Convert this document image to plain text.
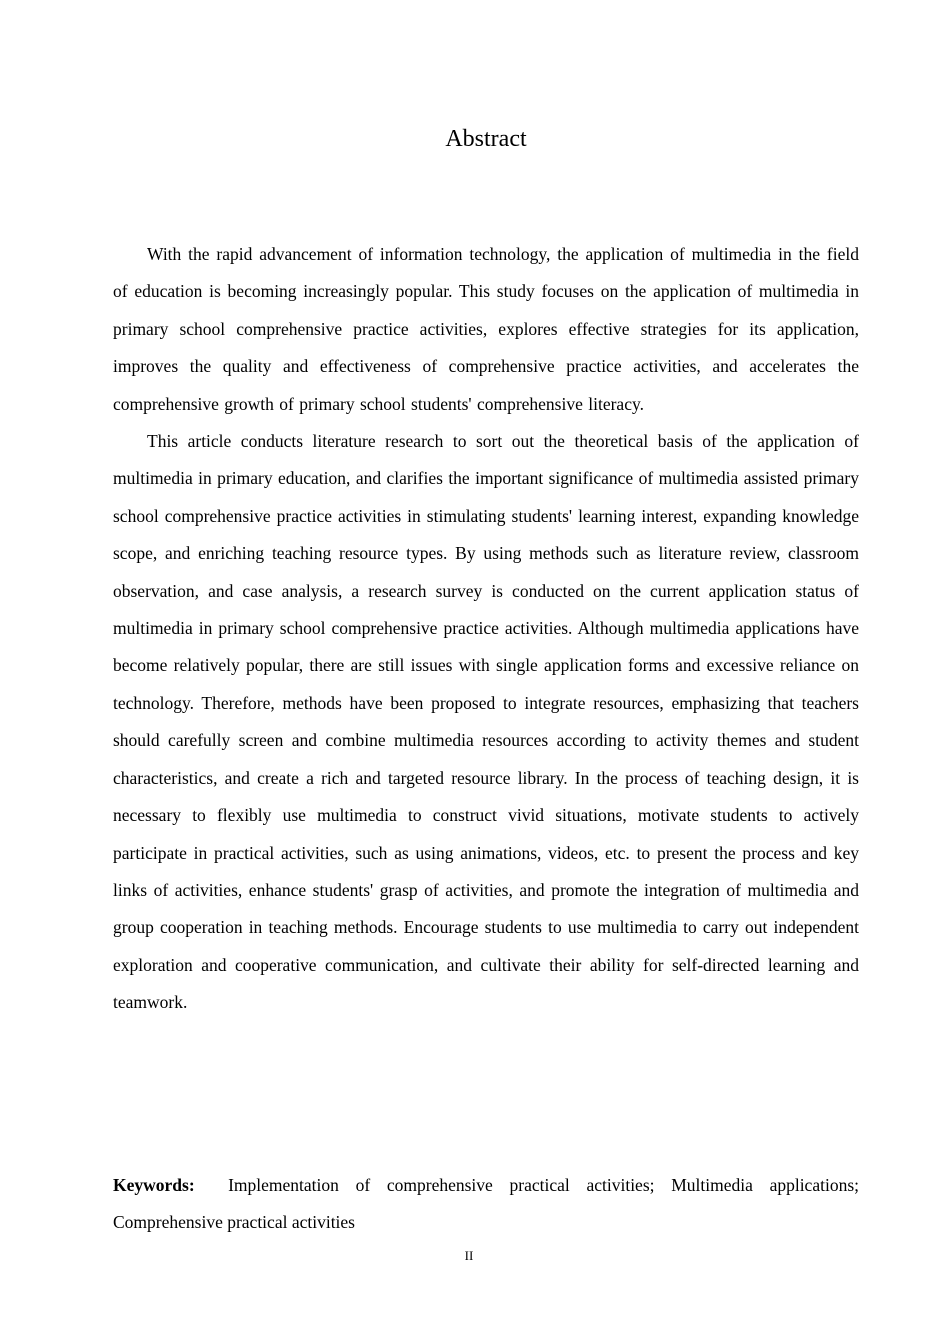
Abstract

With the rapid advancement of information technology, the application of multimedia in the field of education is becoming increasingly popular. This study focuses on the application of multimedia in primary school comprehensive practice activities, explores effective strategies for its application, improves the quality and effectiveness of comprehensive practice activities, and accelerates the comprehensive growth of primary school students' comprehensive literacy.

This article conducts literature research to sort out the theoretical basis of the application of multimedia in primary education, and clarifies the important significance of multimedia assisted primary school comprehensive practice activities in stimulating students' learning interest, expanding knowledge scope, and enriching teaching resource types. By using methods such as literature review, classroom observation, and case analysis, a research survey is conducted on the current application status of multimedia in primary school comprehensive practice activities. Although multimedia applications have become relatively popular, there are still issues with single application forms and excessive reliance on technology. Therefore, methods have been proposed to integrate resources, emphasizing that teachers should carefully screen and combine multimedia resources according to activity themes and student characteristics, and create a rich and targeted resource library. In the process of teaching design, it is necessary to flexibly use multimedia to construct vivid situations, motivate students to actively participate in practical activities, such as using animations, videos, etc. to present the process and key links of activities, enhance students' grasp of activities, and promote the integration of multimedia and group cooperation in teaching methods. Encourage students to use multimedia to carry out independent exploration and cooperative communication, and cultivate their ability for self-directed learning and teamwork.

Keywords: Implementation of comprehensive practical activities; Multimedia applications; Comprehensive practical activities

II
